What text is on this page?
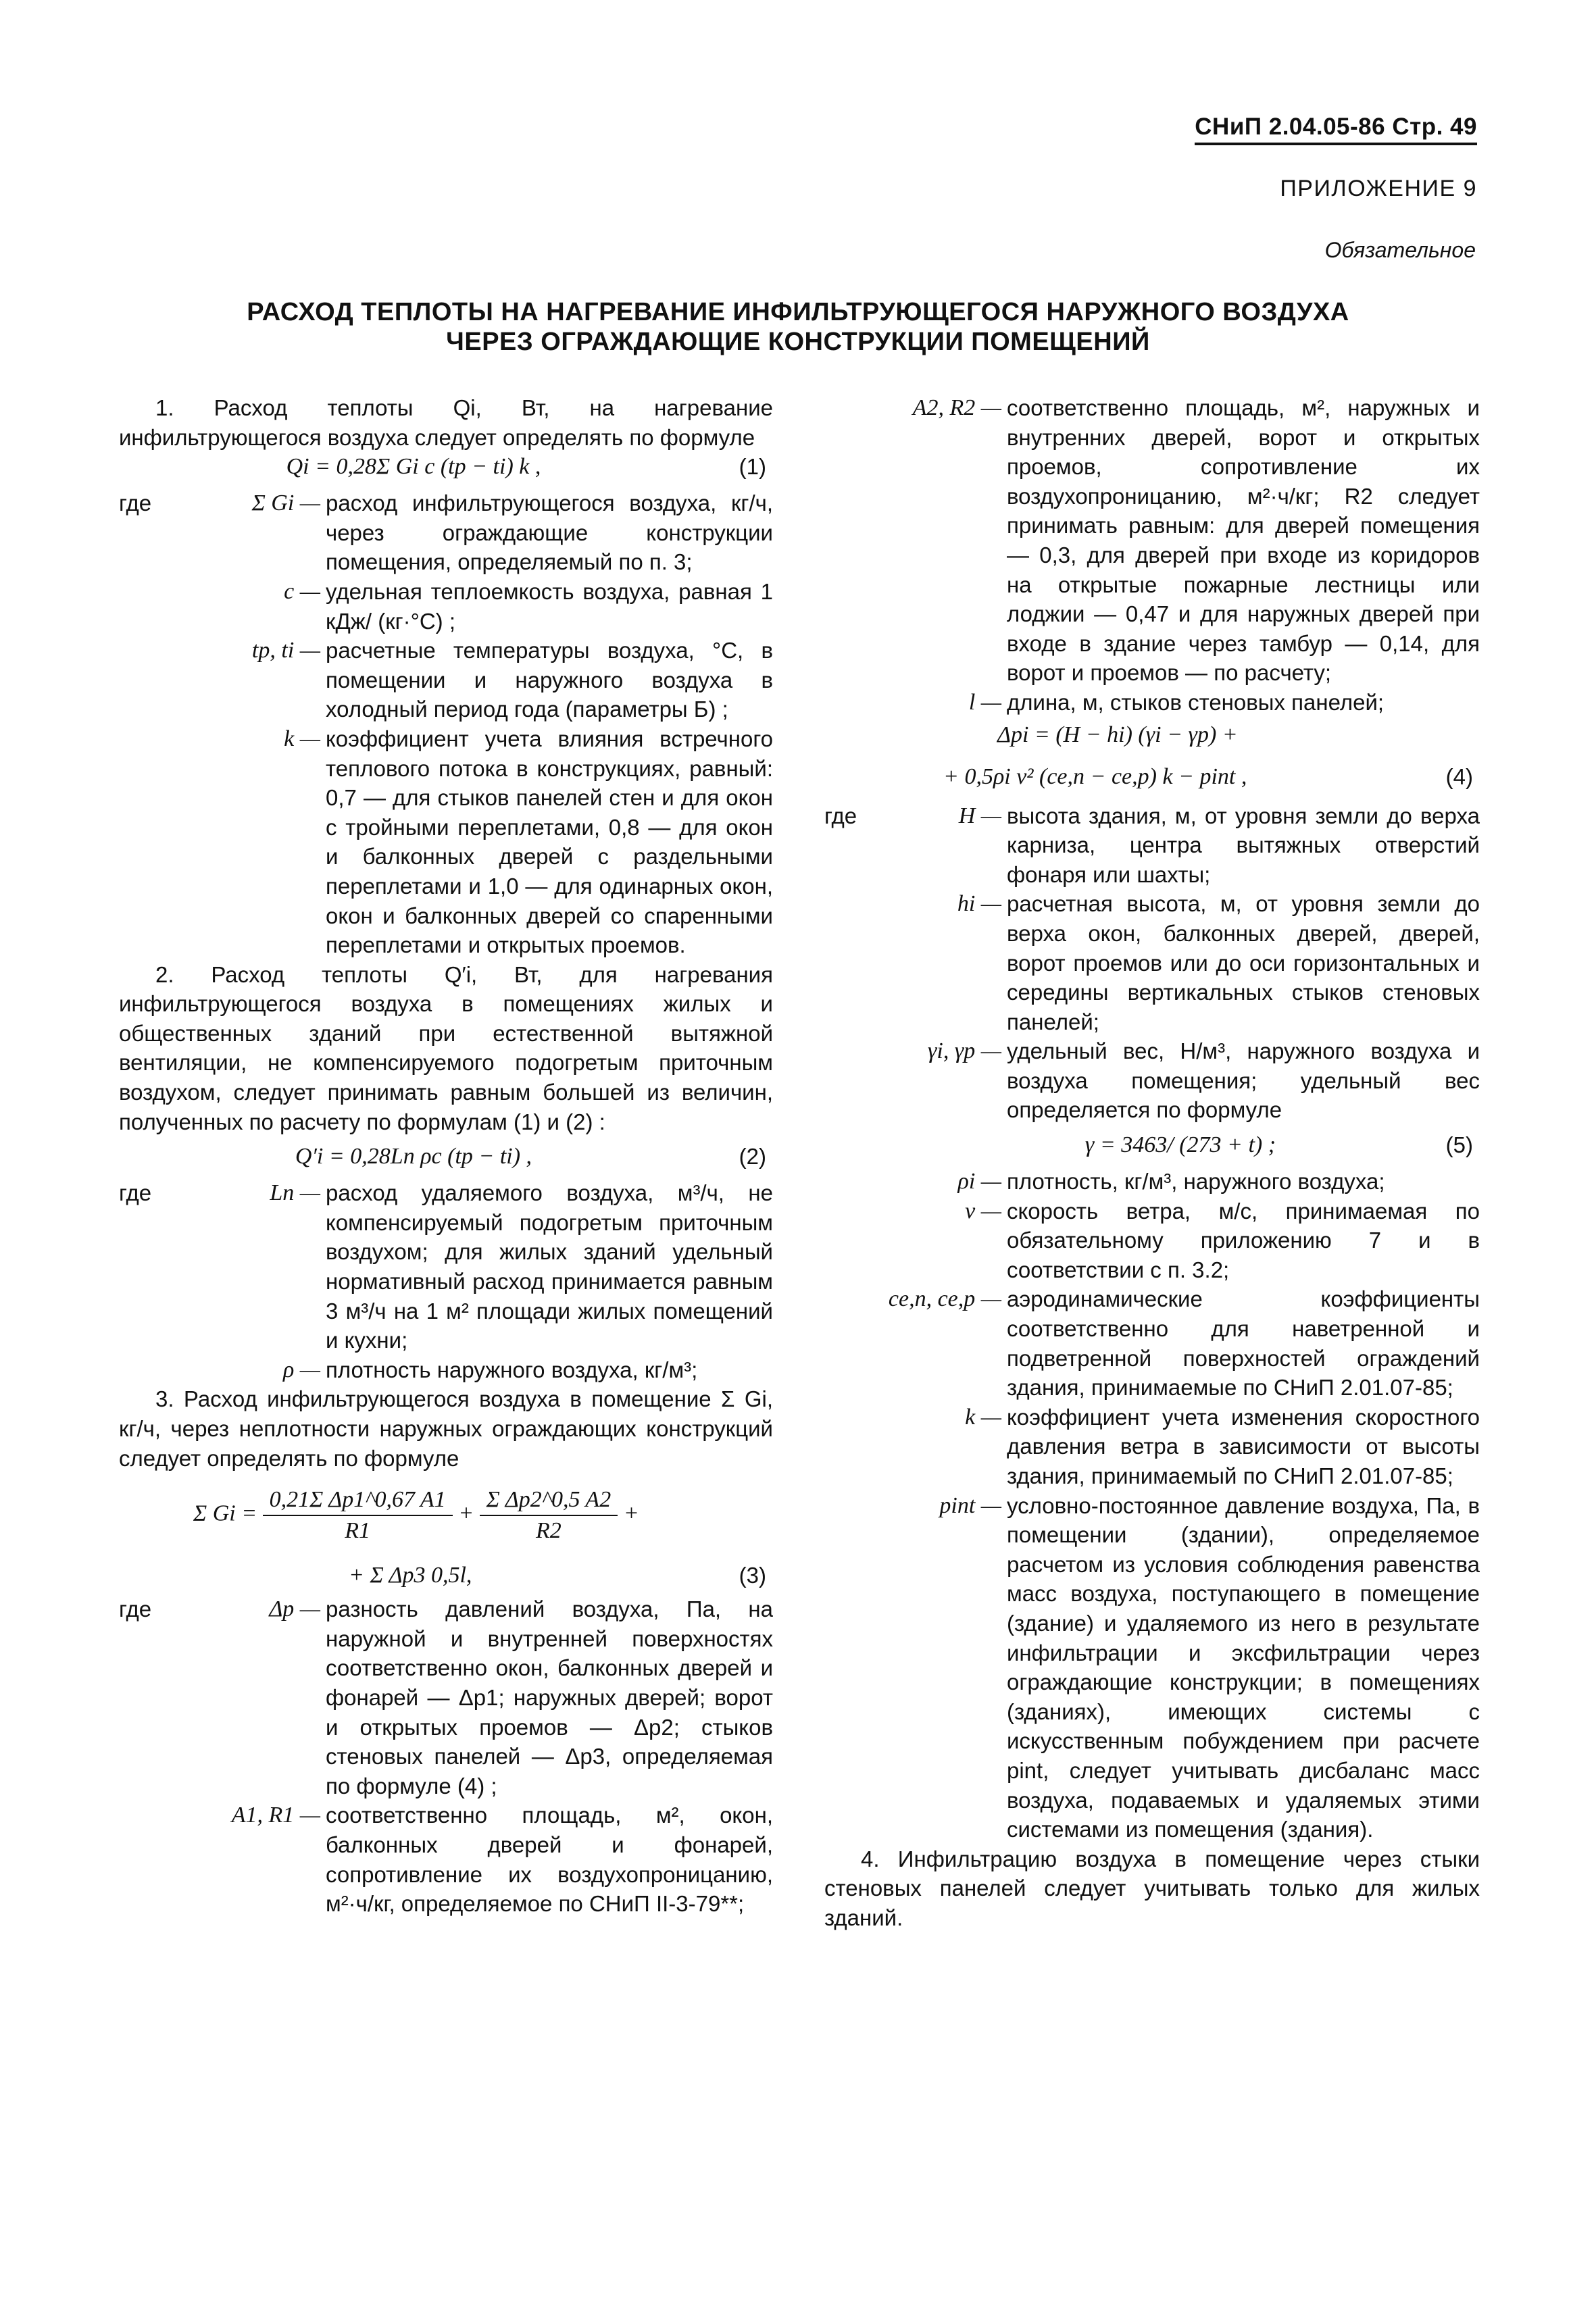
СНиП 2.04.05-86 Стр. 49
ПРИЛОЖЕНИЕ 9
Обязательное
РАСХОД ТЕПЛОТЫ НА НАГРЕВАНИЕ ИНФИЛЬТРУЮЩЕГОСЯ НАРУЖНОГО ВОЗДУХА
ЧЕРЕЗ ОГРАЖДАЮЩИЕ КОНСТРУКЦИИ ПОМЕЩЕНИЙ

1. Расход теплоты Qi, Вт, на нагревание инфильтрующегося воздуха следует определять по формуле

Qi = 0,28Σ Gi c (tp − ti) k ,	(1)
где	Σ Gi — расход инфильтрующегося воздуха, кг/ч, через ограждающие конструкции помещения, определяемый по п. 3;
c — удельная теплоемкость воздуха, равная 1 кДж/ (кг·°С) ;
tp, ti — расчетные температуры воздуха, °С, в помещении и наружного воздуха в холодный период года (параметры Б) ;
k — коэффициент учета влияния встречного теплового потока в конструкциях, равный: 0,7 — для стыков панелей стен и для окон с тройными переплетами, 0,8 — для окон и балконных дверей с раздельными переплетами и 1,0 — для одинарных окон, окон и балконных дверей со спаренными переплетами и открытых проемов.

2. Расход теплоты Q′i, Вт, для нагревания инфильтрующегося воздуха в помещениях жилых и общественных зданий при естественной вытяжной вентиляции, не компенсируемого подогретым приточным воздухом, следует принимать равным большей из величин, полученных по расчету по формулам (1) и (2) :

Q′i = 0,28Ln ρc (tp − ti) ,	(2)
где	Ln — расход удаляемого воздуха, м³/ч, не компенсируемый подогретым приточным воздухом; для жилых зданий удельный нормативный расход принимается равным 3 м³/ч на 1 м² площади жилых помещений и кухни;
ρ — плотность наружного воздуха, кг/м³;

3. Расход инфильтрующегося воздуха в помещение Σ Gi, кг/ч, через неплотности наружных ограждающих конструкций следует определять по формуле

Σ $Gi = \frac{\text{0,21Σ Δp1\textasciicircum{}0,67 A1}}{R1} + \frac{\text{Σ Δp2\textasciicircum{}0,5 A2}}{R2}$ +
+ Σ Δp3 0,5l,	(3)
где	Δp — разность давлений воздуха, Па, на наружной и внутренней поверхностях соответственно окон, балконных дверей и фонарей — Δp1; наружных дверей; ворот и открытых проемов — Δp2; стыков стеновых панелей — Δp3, определяемая по формуле (4) ;
A1, R1 — соответственно площадь, м², окон, балконных дверей и фонарей, сопротивление их воздухопроницанию, м²·ч/кг, определяемое по СНиП II-3-79**;
A2, R2 — соответственно площадь, м², наружных и внутренних дверей, ворот и открытых проемов, сопротивление их воздухопроницанию, м²·ч/кг; R2 следует принимать равным: для дверей помещения — 0,3, для дверей при входе из коридоров на открытые пожарные лестницы или лоджии — 0,47 и для наружных дверей при входе в здание через тамбур — 0,14, для ворот и проемов — по расчету;
l — длина, м, стыков стеновых панелей;
Δpi = (H − hi) (γi − γp) +
+ 0,5ρi v² (ce,n − ce,p) k − pint ,	(4)
где	H — высота здания, м, от уровня земли до верха карниза, центра вытяжных отверстий фонаря или шахты;
hi — расчетная высота, м, от уровня земли до верха окон, балконных дверей, дверей, ворот проемов или до оси горизонтальных и середины вертикальных стыков стеновых панелей;
γi, γp — удельный вес, Н/м³, наружного воздуха и воздуха помещения; удельный вес определяется по формуле
γ = 3463/ (273 + t) ;	(5)
ρi — плотность, кг/м³, наружного воздуха;
v — скорость ветра, м/с, принимаемая по обязательному приложению 7 и в соответствии с п. 3.2;
ce,n, ce,p — аэродинамические коэффициенты соответственно для наветренной и подветренной поверхностей ограждений здания, принимаемые по СНиП 2.01.07-85;
k — коэффициент учета изменения скоростного давления ветра в зависимости от высоты здания, принимаемый по СНиП 2.01.07-85;
pint — условно-постоянное давление воздуха, Па, в помещении (здании), определяемое расчетом из условия соблюдения равенства масс воздуха, поступающего в помещение (здание) и удаляемого из него в результате инфильтрации и эксфильтрации через ограждающие конструкции; в помещениях (зданиях), имеющих системы с искусственным побуждением при расчете pint, следует учитывать дисбаланс масс воздуха, подаваемых и удаляемых этими системами из помещения (здания).

4. Инфильтрацию воздуха в помещение через стыки стеновых панелей следует учитывать только для жилых зданий.
